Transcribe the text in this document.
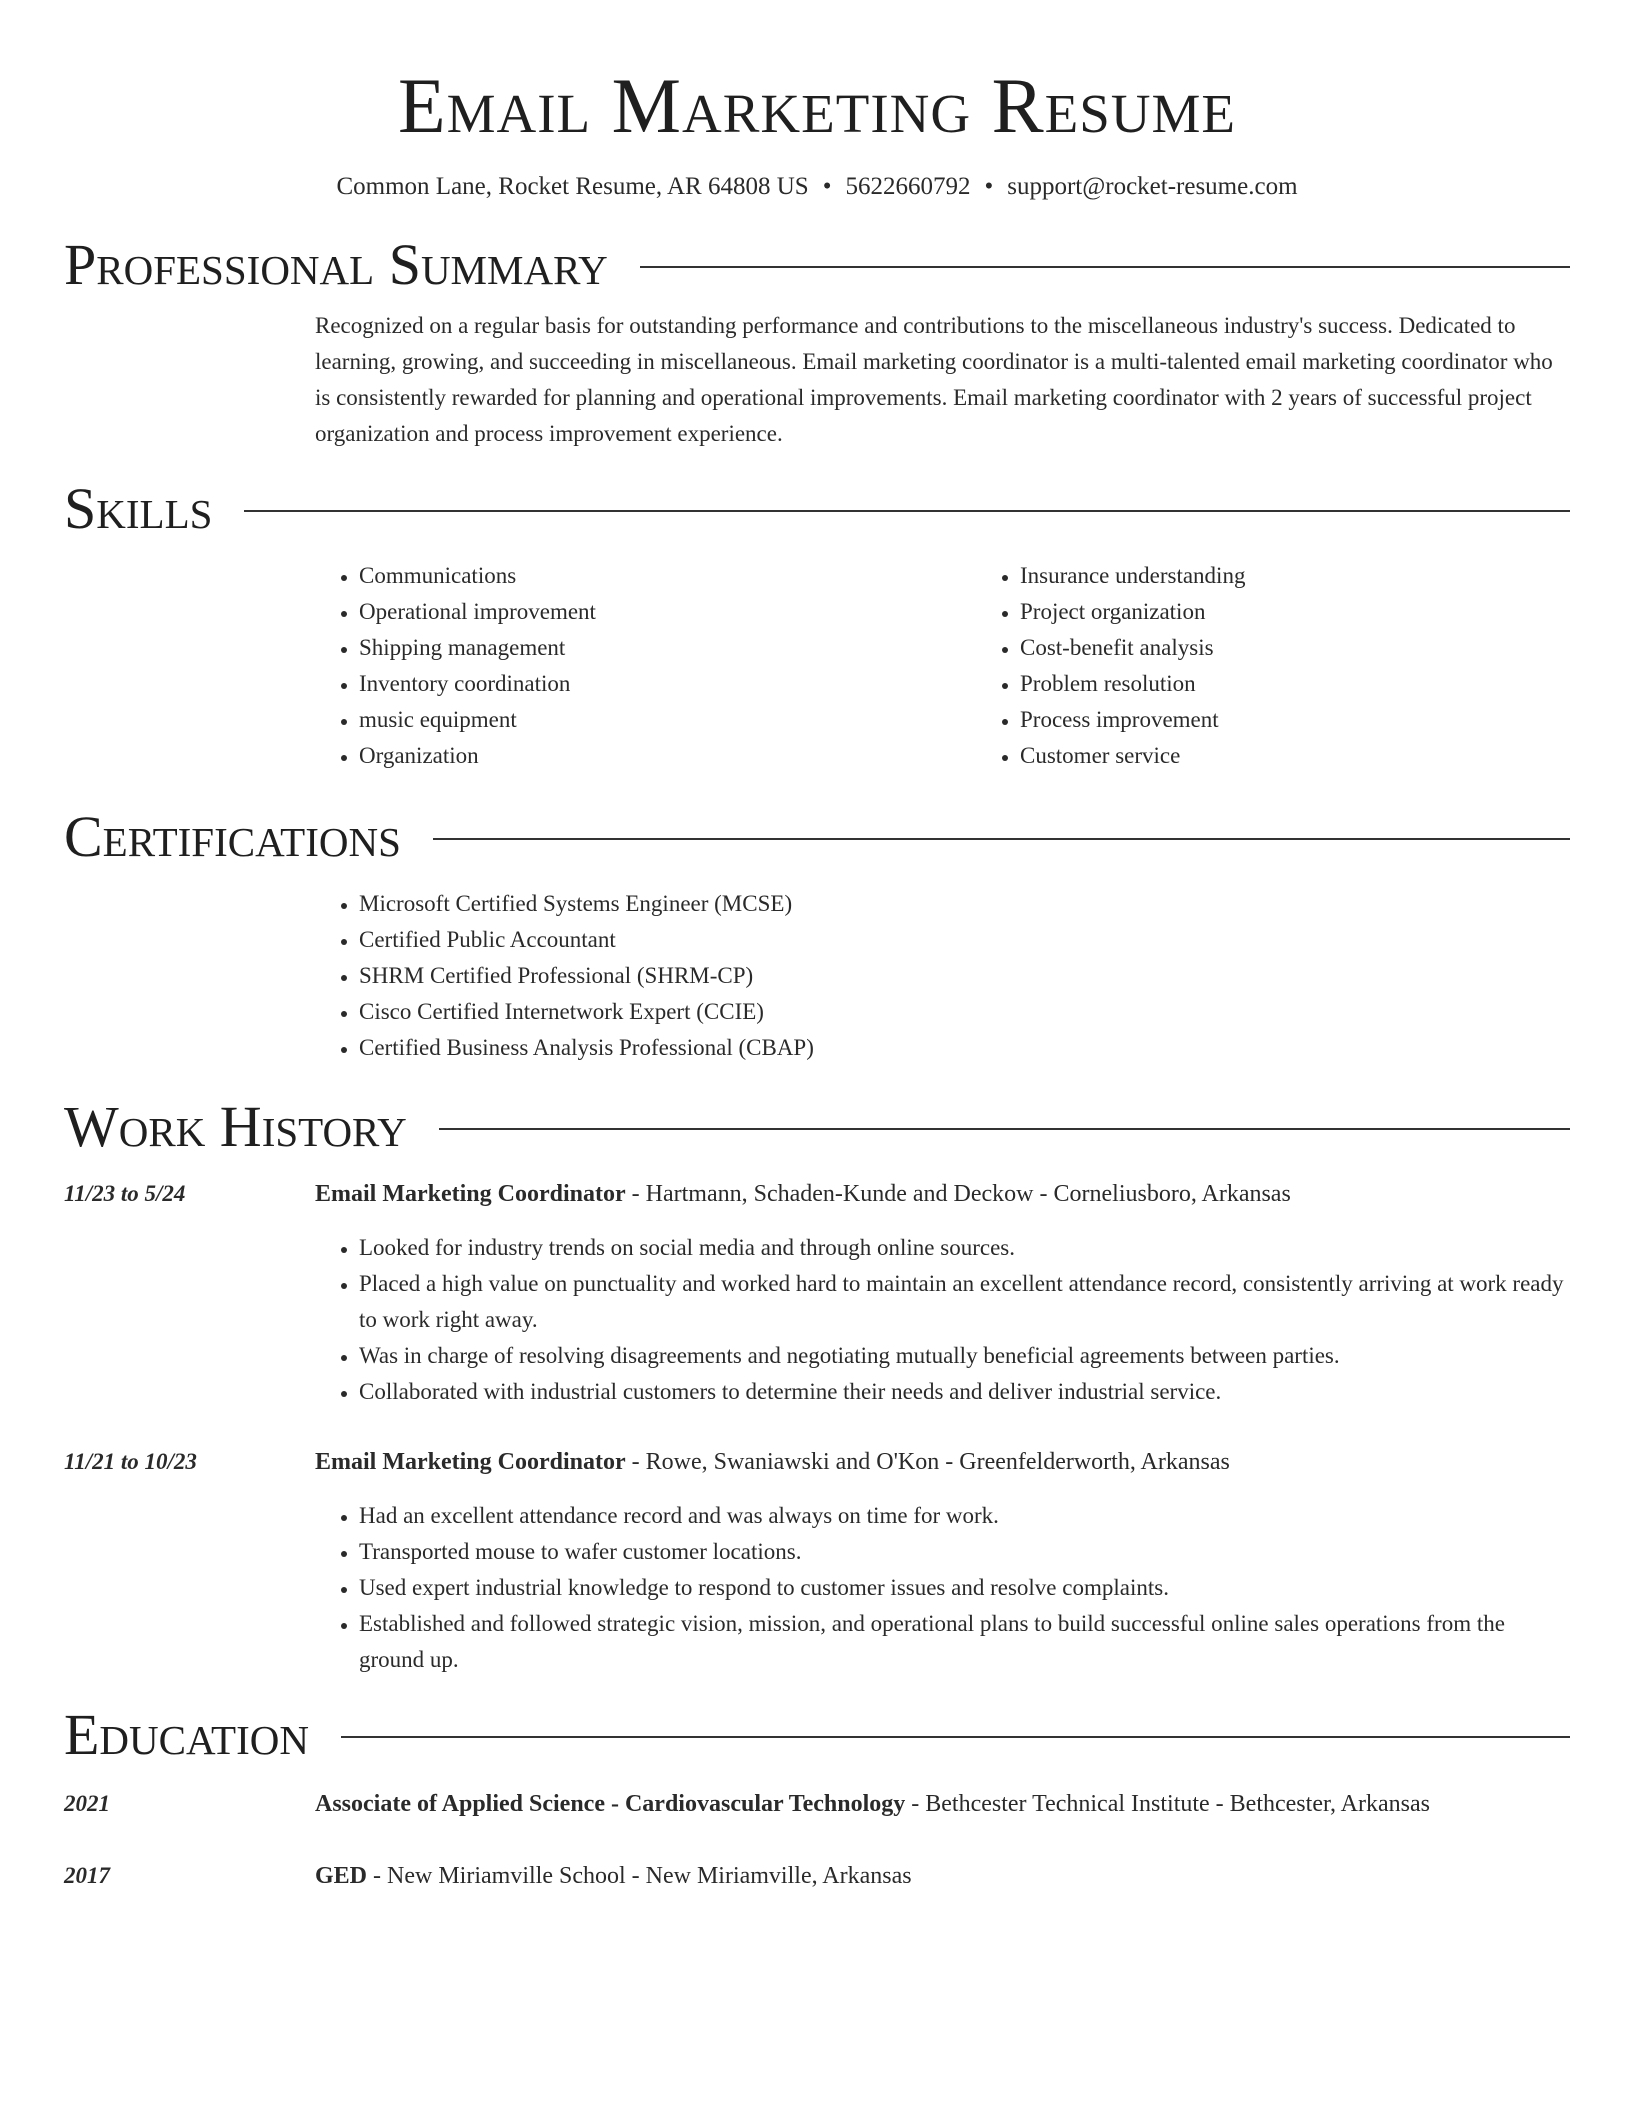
Email Marketing Resume
Common Lane, Rocket Resume, AR 64808 US • 5622660792 • support@rocket-resume.com
Professional Summary

Recognized on a regular basis for outstanding performance and contributions to the miscellaneous industry's success. Dedicated to learning, growing, and succeeding in miscellaneous. Email marketing coordinator is a multi-talented email marketing coordinator who is consistently rewarded for planning and operational improvements. Email marketing coordinator with 2 years of successful project organization and process improvement experience.

Skills
• Communications
• Operational improvement
• Shipping management
• Inventory coordination
• music equipment
• Organization
• Insurance understanding
• Project organization
• Cost-benefit analysis
• Problem resolution
• Process improvement
• Customer service
Certifications
• Microsoft Certified Systems Engineer (MCSE)
• Certified Public Accountant
• SHRM Certified Professional (SHRM-CP)
• Cisco Certified Internetwork Expert (CCIE)
• Certified Business Analysis Professional (CBAP)
Work History
11/23 to 5/24	Email Marketing Coordinator - Hartmann, Schaden-Kunde and Deckow - Corneliusboro, Arkansas
• Looked for industry trends on social media and through online sources.
• Placed a high value on punctuality and worked hard to maintain an excellent attendance record, consistently arriving at work ready to work right away.
• Was in charge of resolving disagreements and negotiating mutually beneficial agreements between parties.
• Collaborated with industrial customers to determine their needs and deliver industrial service.
11/21 to 10/23	Email Marketing Coordinator - Rowe, Swaniawski and O'Kon - Greenfelderworth, Arkansas
• Had an excellent attendance record and was always on time for work.
• Transported mouse to wafer customer locations.
• Used expert industrial knowledge to respond to customer issues and resolve complaints.
• Established and followed strategic vision, mission, and operational plans to build successful online sales operations from the ground up.
Education
2021	Associate of Applied Science - Cardiovascular Technology - Bethcester Technical Institute - Bethcester, Arkansas
2017	GED - New Miriamville School - New Miriamville, Arkansas
